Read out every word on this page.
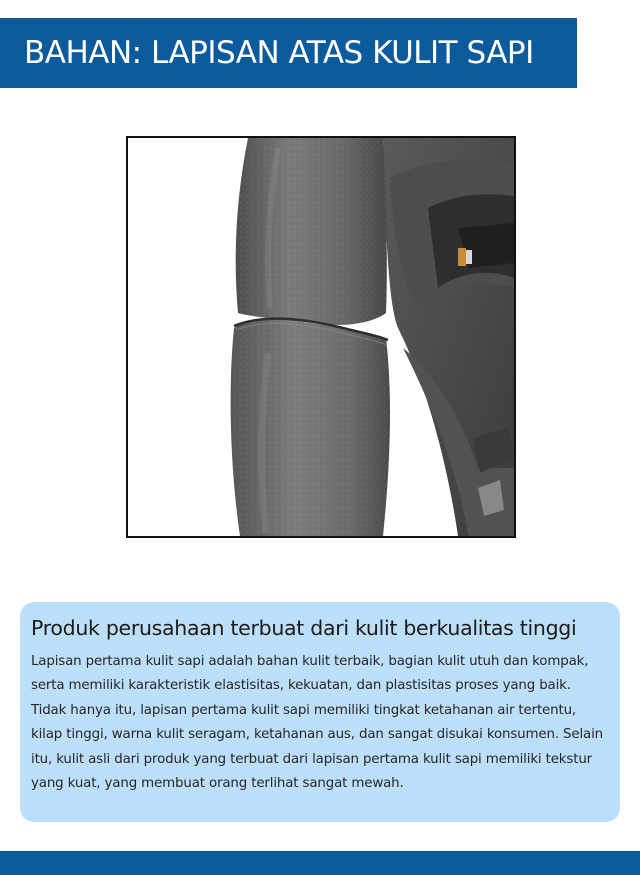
BAHAN: LAPISAN ATAS KULIT SAPI
Produk perusahaan terbuat dari kulit berkualitas tinggi

Lapisan pertama kulit sapi adalah bahan kulit terbaik, bagian kulit utuh dan kompak, serta memiliki karakteristik elastisitas, kekuatan, dan plastisitas proses yang baik. Tidak hanya itu, lapisan pertama kulit sapi memiliki tingkat ketahanan air tertentu, kilap tinggi, warna kulit seragam, ketahanan aus, dan sangat disukai konsumen. Selain itu, kulit asli dari produk yang terbuat dari lapisan pertama kulit sapi memiliki tekstur yang kuat, yang membuat orang terlihat sangat mewah.
